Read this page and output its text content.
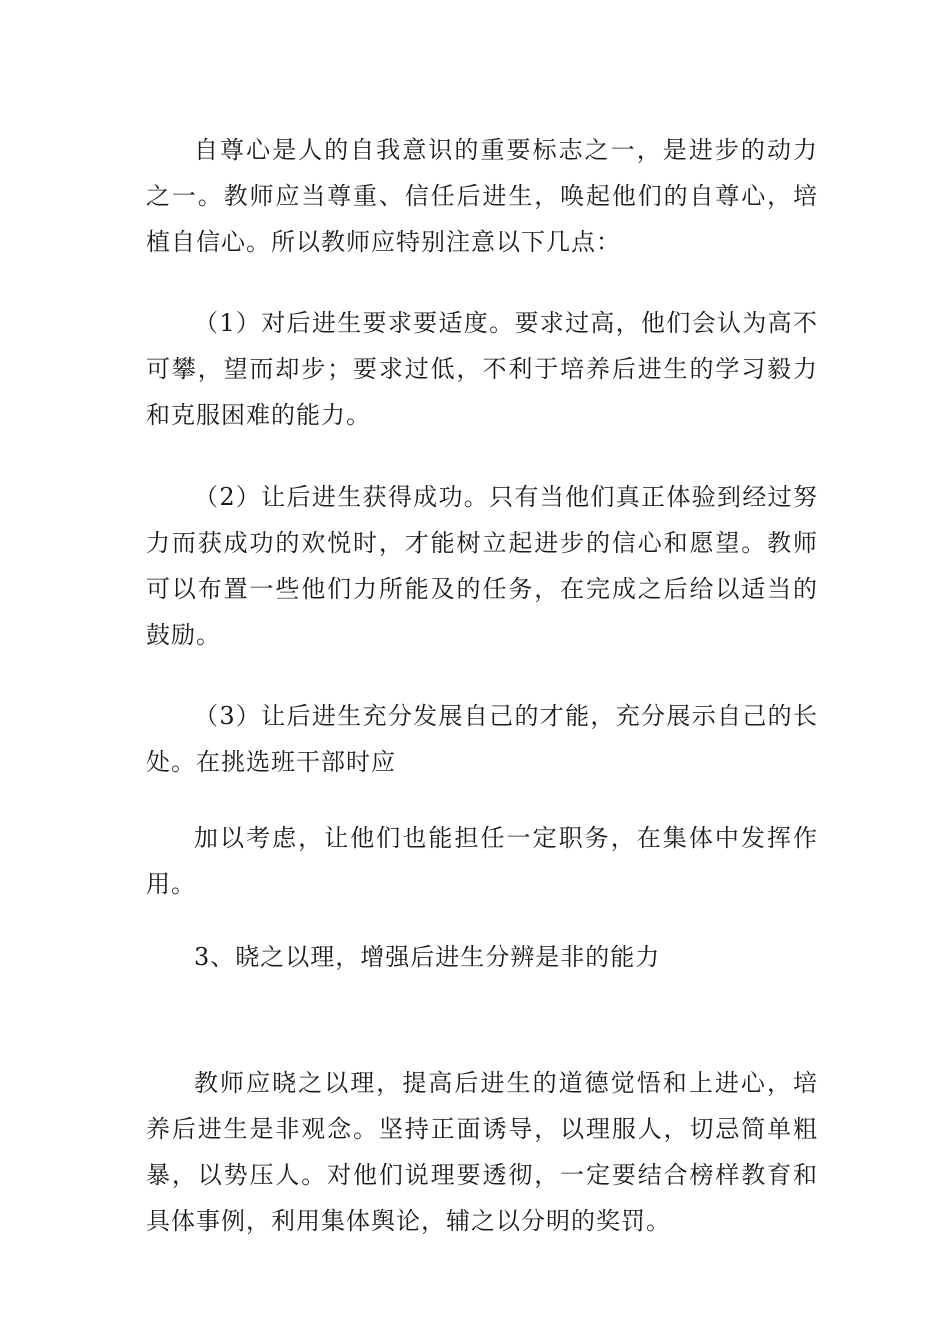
自尊心是人的自我意识的重要标志之一，是进步的动力之一。教师应当尊重、信任后进生，唤起他们的自尊心，培植自信心。所以教师应特别注意以下几点：

（1）对后进生要求要适度。要求过高，他们会认为高不可攀，望而却步；要求过低，不利于培养后进生的学习毅力和克服困难的能力。

（2）让后进生获得成功。只有当他们真正体验到经过努力而获成功的欢悦时，才能树立起进步的信心和愿望。教师可以布置一些他们力所能及的任务，在完成之后给以适当的鼓励。

（3）让后进生充分发展自己的才能，充分展示自己的长处。在挑选班干部时应

加以考虑，让他们也能担任一定职务，在集体中发挥作用。

3、晓之以理，增强后进生分辨是非的能力

教师应晓之以理，提高后进生的道德觉悟和上进心，培养后进生是非观念。坚持正面诱导，以理服人，切忌简单粗暴，以势压人。对他们说理要透彻，一定要结合榜样教育和具体事例，利用集体舆论，辅之以分明的奖罚。
